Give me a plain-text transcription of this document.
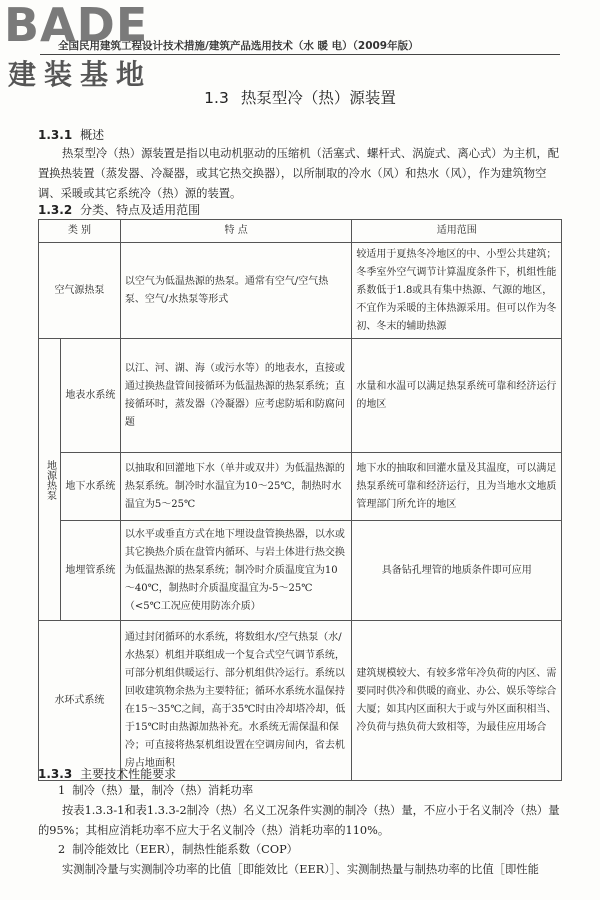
BADE
建装基地
全国民用建筑工程设计技术措施/建筑产品选用技术（水 暖 电）（2009年版）
1.3 热泵型冷（热）源装置
1.3.1 概述
热泵型冷（热）源装置是指以电动机驱动的压缩机（活塞式、螺杆式、涡旋式、离心式）为主机，配置换热装置（蒸发器、冷凝器，或其它热交换器），以所制取的冷水（风）和热水（风），作为建筑物空调、采暖或其它系统冷（热）源的装置。
1.3.2 分类、特点及适用范围
类 别		特 点	适用范围
空气源热泵		以空气为低温热源的热泵。通常有空气/空气热泵、空气/水热泵等形式	较适用于夏热冬冷地区的中、小型公共建筑；冬季室外空气调节计算温度条件下，机组性能系数低于1.8或具有集中热源、气源的地区，不宜作为采暖的主体热源采用。但可以作为冬初、冬末的辅助热源
地源热泵	地表水系统	以江、河、湖、海（或污水等）的地表水，直接或通过换热盘管间接循环为低温热源的热泵系统；直接循环时，蒸发器（冷凝器）应考虑防垢和防腐问题	水量和水温可以满足热泵系统可靠和经济运行的地区
	地下水系统	以抽取和回灌地下水（单井或双井）为低温热源的热泵系统。制冷时水温宜为10～25℃，制热时水温宜为5～25℃	地下水的抽取和回灌水量及其温度，可以满足热泵系统可靠和经济运行，且为当地水文地质管理部门所允许的地区
	地埋管系统	以水平或垂直方式在地下埋设盘管换热器，以水或其它换热介质在盘管内循环、与岩土体进行热交换为低温热源的热泵系统；制冷时介质温度宜为10～40℃，制热时介质温度温宜为-5～25℃（<5℃工况应使用防冻介质）	具备钻孔埋管的地质条件即可应用
水环式系统		通过封闭循环的水系统，将数组水/空气热泵（水/水热泵）机组并联组成一个复合式空气调节系统，可部分机组供暖运行、部分机组供冷运行。系统以回收建筑物余热为主要特征；循环水系统水温保持在15～35℃之间，高于35℃时由冷却塔冷却，低于15℃时由热源加热补充。水系统无需保温和保冷；可直接将热泵机组设置在空调房间内，省去机房占地面积	建筑规模较大、有较多常年冷负荷的内区、需要同时供冷和供暖的商业、办公、娱乐等综合大厦；如其内区面积大于或与外区面积相当、冷负荷与热负荷大致相等，为最佳应用场合
1.3.3 主要技术性能要求
1 制冷（热）量，制冷（热）消耗功率
按表1.3.3-1和表1.3.3-2制冷（热）名义工况条件实测的制冷（热）量，不应小于名义制冷（热）量的95%；其相应消耗功率不应大于名义制冷（热）消耗功率的110%。
2 制冷能效比（EER），制热性能系数（COP）
实测制冷量与实测制冷功率的比值［即能效比（EER）］、实测制热量与制热功率的比值［即性能
